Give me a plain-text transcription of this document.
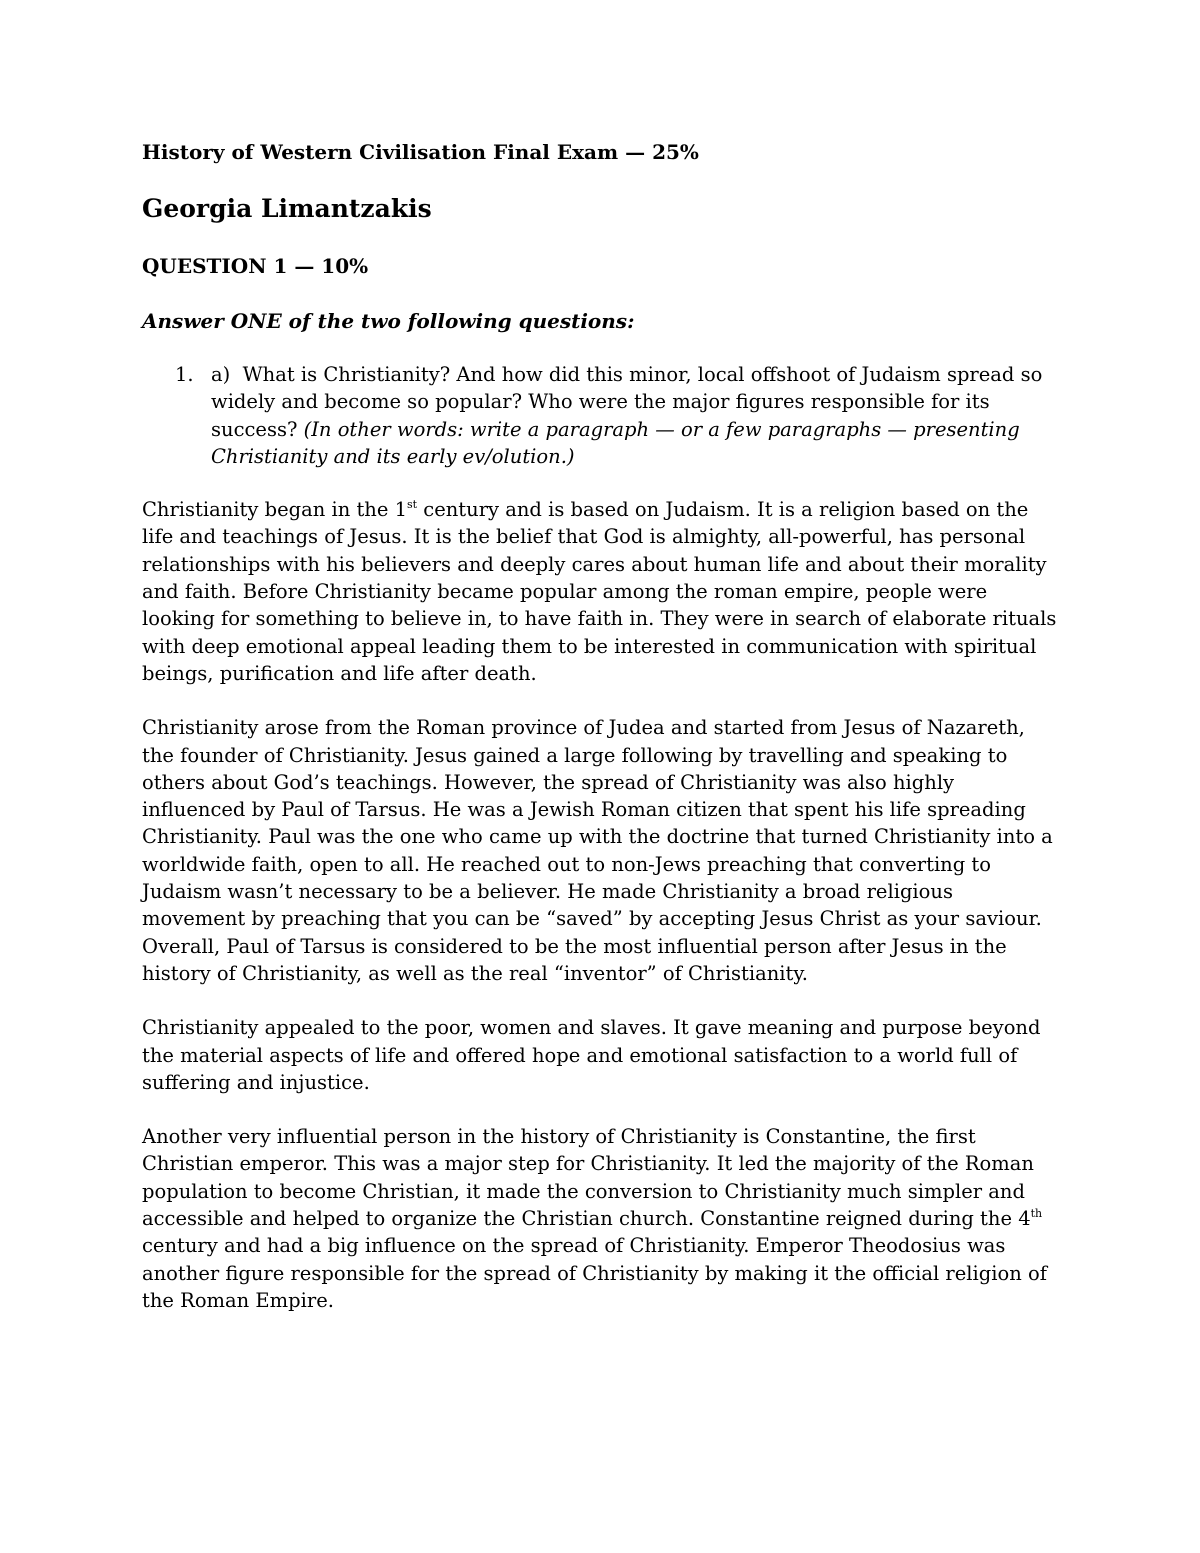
History of Western Civilisation Final Exam — 25%
Georgia Limantzakis
QUESTION 1 — 10%
Answer ONE of the two following questions:
1. a) What is Christianity? And how did this minor, local offshoot of Judaism spread so widely and become so popular? Who were the major figures responsible for its success? (In other words: write a paragraph — or a few paragraphs — presenting Christianity and its early ev/olution.)

Christianity began in the 1st century and is based on Judaism. It is a religion based on the life and teachings of Jesus. It is the belief that God is almighty, all-powerful, has personal relationships with his believers and deeply cares about human life and about their morality and faith. Before Christianity became popular among the roman empire, people were looking for something to believe in, to have faith in. They were in search of elaborate rituals with deep emotional appeal leading them to be interested in communication with spiritual beings, purification and life after death.

Christianity arose from the Roman province of Judea and started from Jesus of Nazareth, the founder of Christianity. Jesus gained a large following by travelling and speaking to others about God’s teachings. However, the spread of Christianity was also highly influenced by Paul of Tarsus. He was a Jewish Roman citizen that spent his life spreading Christianity. Paul was the one who came up with the doctrine that turned Christianity into a worldwide faith, open to all. He reached out to non-Jews preaching that converting to Judaism wasn’t necessary to be a believer. He made Christianity a broad religious movement by preaching that you can be “saved” by accepting Jesus Christ as your saviour. Overall, Paul of Tarsus is considered to be the most influential person after Jesus in the history of Christianity, as well as the real “inventor” of Christianity.

Christianity appealed to the poor, women and slaves. It gave meaning and purpose beyond the material aspects of life and offered hope and emotional satisfaction to a world full of suffering and injustice.

Another very influential person in the history of Christianity is Constantine, the first Christian emperor. This was a major step for Christianity. It led the majority of the Roman population to become Christian, it made the conversion to Christianity much simpler and accessible and helped to organize the Christian church. Constantine reigned during the 4th century and had a big influence on the spread of Christianity. Emperor Theodosius was another figure responsible for the spread of Christianity by making it the official religion of the Roman Empire.
